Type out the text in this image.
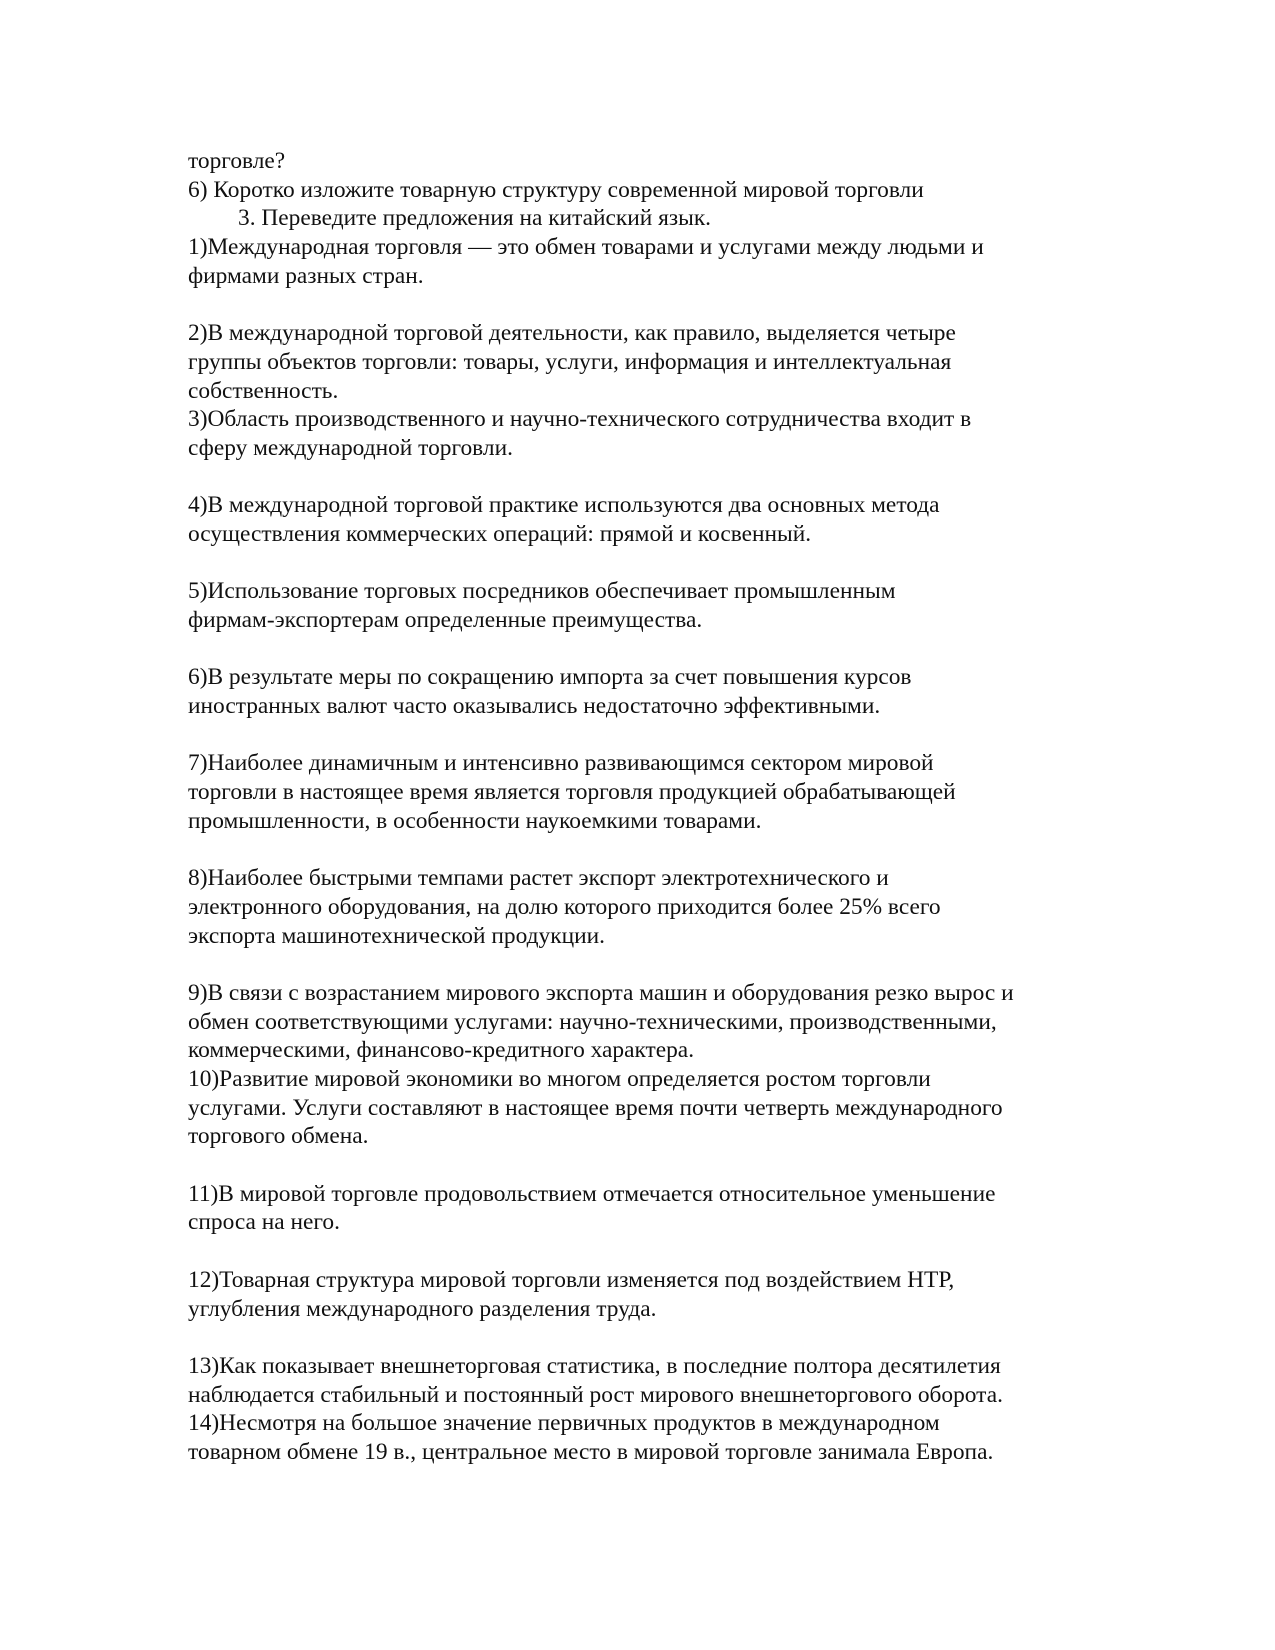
торговле?
6) Коротко изложите товарную структуру современной мировой торговли
3. Переведите предложения на китайский язык.
1)Международная торговля — это обмен товарами и услугами между людьми и
фирмами разных стран.
2)В международной торговой деятельности, как правило, выделяется четыре
группы объектов торговли: товары, услуги, информация и интеллектуальная
собственность.
3)Область производственного и научно-технического сотрудничества входит в
сферу международной торговли.
4)В международной торговой практике используются два основных метода
осуществления коммерческих операций: прямой и косвенный.
5)Использование торговых посредников обеспечивает промышленным
фирмам-экспортерам определенные преимущества.
6)В результате меры по сокращению импорта за счет повышения курсов
иностранных валют часто оказывались недостаточно эффективными.
7)Наиболее динамичным и интенсивно развивающимся сектором мировой
торговли в настоящее время является торговля продукцией обрабатывающей
промышленности, в особенности наукоемкими товарами.
8)Наиболее быстрыми темпами растет экспорт электротехнического и
электронного оборудования, на долю которого приходится более 25% всего
экспорта машинотехнической продукции.
9)В связи с возрастанием мирового экспорта машин и оборудования резко вырос и
обмен соответствующими услугами: научно-техническими, производственными,
коммерческими, финансово-кредитного характера.
10)Развитие мировой экономики во многом определяется ростом торговли
услугами. Услуги составляют в настоящее время почти четверть международного
торгового обмена.
11)В мировой торговле продовольствием отмечается относительное уменьшение
спроса на него.
12)Товарная структура мировой торговли изменяется под воздействием НТР,
углубления международного разделения труда.
13)Как показывает внешнеторговая статистика, в последние полтора десятилетия
наблюдается стабильный и постоянный рост мирового внешнеторгового оборота.
14)Несмотря на большое значение первичных продуктов в международном
товарном обмене 19 в., центральное место в мировой торговле занимала Европа.
